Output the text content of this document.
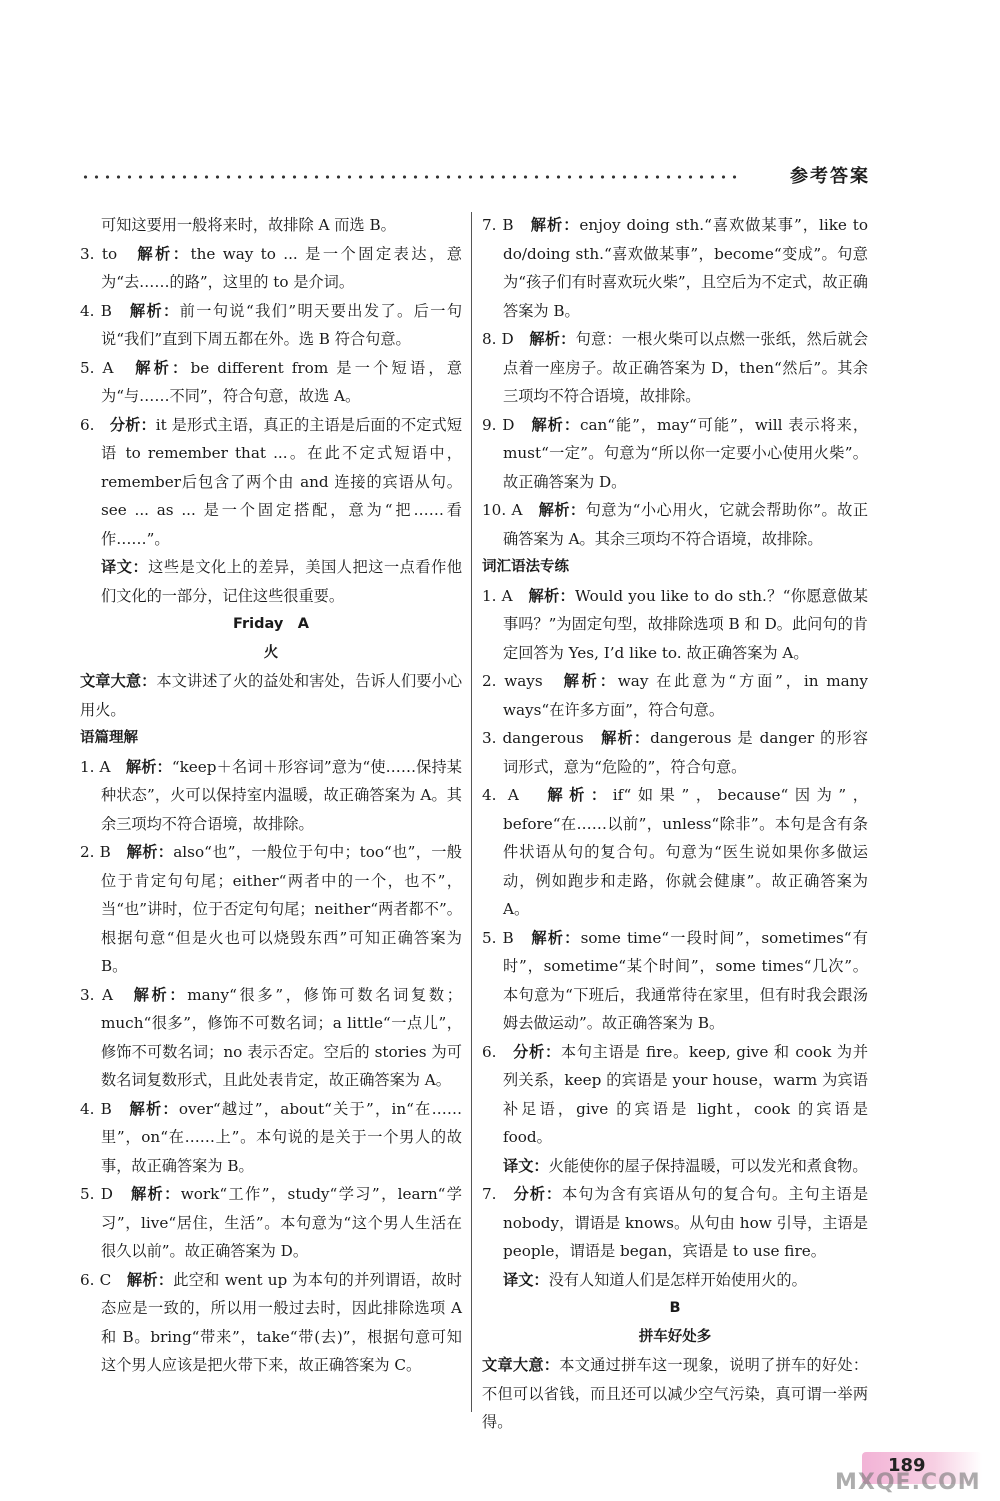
参考答案

可知这要用一般将来时，故排除 A 而选 B。

3. to　解析：the way to ... 是一个固定表达，意为“去……的路”，这里的 to 是介词。

4. B　解析：前一句说“我们”明天要出发了。后一句说“我们”直到下周五都在外。选 B 符合句意。

5. A　解析：be different from 是一个短语，意为“与……不同”，符合句意，故选 A。

6.　分析：it 是形式主语，真正的主语是后面的不定式短语 to remember that ...。在此不定式短语中，remember后包含了两个由 and 连接的宾语从句。see ... as ... 是一个固定搭配，意为“把……看作……”。

译文：这些是文化上的差异，美国人把这一点看作他们文化的一部分，记住这些很重要。

Friday　A

火

文章大意：本文讲述了火的益处和害处，告诉人们要小心用火。

语篇理解

1. A　解析：“keep＋名词＋形容词”意为“使……保持某种状态”，火可以保持室内温暖，故正确答案为 A。其余三项均不符合语境，故排除。

2. B　解析：also“也”，一般位于句中；too“也”，一般位于肯定句句尾；either“两者中的一个，也不”，当“也”讲时，位于否定句句尾；neither“两者都不”。根据句意“但是火也可以烧毁东西”可知正确答案为 B。

3. A　解析：many“很多”，修饰可数名词复数；much“很多”，修饰不可数名词；a little“一点儿”，修饰不可数名词；no 表示否定。空后的 stories 为可数名词复数形式，且此处表肯定，故正确答案为 A。

4. B　解析：over“越过”，about“关于”，in“在……里”，on“在……上”。本句说的是关于一个男人的故事，故正确答案为 B。

5. D　解析：work“工作”，study“学习”，learn“学习”，live“居住，生活”。本句意为“这个男人生活在很久以前”。故正确答案为 D。

6. C　解析：此空和 went up 为本句的并列谓语，故时态应是一致的，所以用一般过去时，因此排除选项 A 和 B。bring“带来”，take“带(去)”，根据句意可知这个男人应该是把火带下来，故正确答案为 C。

7. B　解析：enjoy doing sth.“喜欢做某事”，like to do/doing sth.“喜欢做某事”，become“变成”。句意为“孩子们有时喜欢玩火柴”，且空后为不定式，故正确答案为 B。

8. D　解析：句意：一根火柴可以点燃一张纸，然后就会点着一座房子。故正确答案为 D，then“然后”。其余三项均不符合语境，故排除。

9. D　解析：can“能”，may“可能”，will 表示将来，must“一定”。句意为“所以你一定要小心使用火柴”。故正确答案为 D。

10. A　解析：句意为“小心用火，它就会帮助你”。故正确答案为 A。其余三项均不符合语境，故排除。

词汇语法专练

1. A　解析：Would you like to do sth.？“你愿意做某事吗？”为固定句型，故排除选项 B 和 D。此问句的肯定回答为 Yes, I’d like to. 故正确答案为 A。

2. ways　解析：way 在此意为“方面”，in many ways“在许多方面”，符合句意。

3. dangerous　解析：dangerous 是 danger 的形容词形式，意为“危险的”，符合句意。

4. A　解析：if“如果”，because“因为”，before“在……以前”，unless“除非”。本句是含有条件状语从句的复合句。句意为“医生说如果你多做运动，例如跑步和走路，你就会健康”。故正确答案为 A。

5. B　解析：some time“一段时间”，sometimes“有时”，sometime“某个时间”，some times“几次”。本句意为“下班后，我通常待在家里，但有时我会跟汤姆去做运动”。故正确答案为 B。

6.　分析：本句主语是 fire。keep, give 和 cook 为并列关系，keep 的宾语是 your house，warm 为宾语补足语，give 的宾语是 light，cook 的宾语是 food。

译文：火能使你的屋子保持温暖，可以发光和煮食物。

7.　分析：本句为含有宾语从句的复合句。主句主语是 nobody，谓语是 knows。从句由 how 引导，主语是 people，谓语是 began，宾语是 to use fire。

译文：没有人知道人们是怎样开始使用火的。

B

拼车好处多

文章大意：本文通过拼车这一现象，说明了拼车的好处：不但可以省钱，而且还可以减少空气污染，真可谓一举两得。

189
MXQE.COM
